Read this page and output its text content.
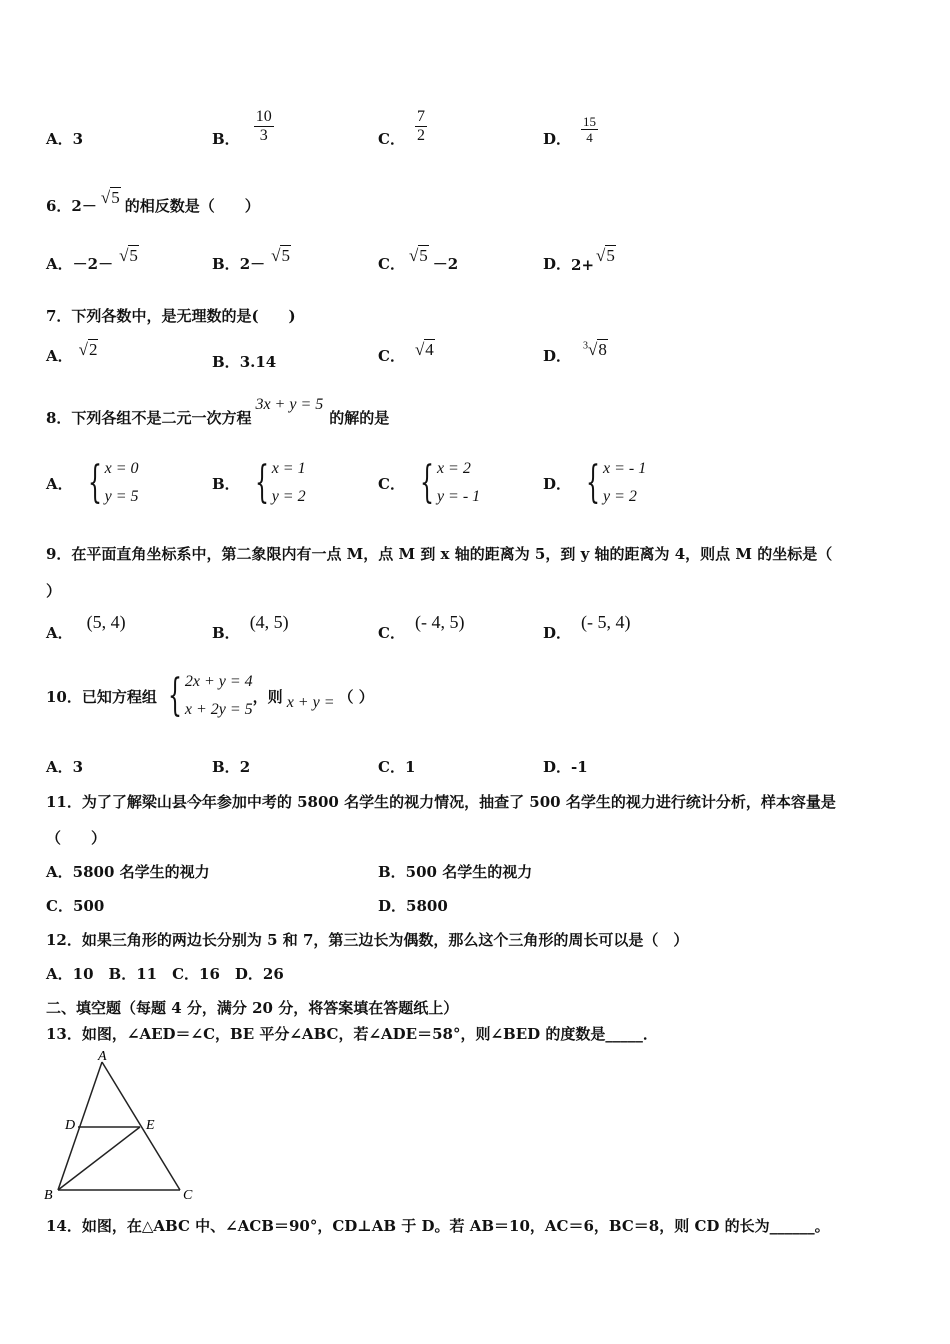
A．3	B． $\frac{10}{3}$	C． $\frac{7}{2}$	D． $\frac{15}{4}$
6．2－ √5 的相反数是（　　）
A． －2－ √5	B． 2－ √5	C． √5 －2	D． 2+ √5
7．下列各数中，是无理数的是(　　)
A． √2
B．3.14	C． √4	D．
$^3$√8
8．下列各组不是二元一次方程
3x + y = 5
的解的是
A． { x = 0
y = 5
B． { x = 1
y = 2
C． { x = 2
y = - 1
D． { x = - 1
y = 2
9．在平面直角坐标系中，第二象限内有一点 M，点 M 到 x 轴的距离为 5，到 y 轴的距离为 4，则点 M 的坐标是（
）
A．
(5, 4)
B．
(4, 5)
C．
(- 4, 5)
D．
(- 5, 4)
10．已知方程组 { 2x + y = 4
x + 2y = 5
，则 x + y = （ ）
A．3	B．2	C．1	D．-1
11．为了了解梁山县今年参加中考的 5800 名学生的视力情况，抽查了 500 名学生的视力进行统计分析，样本容量是
（　　）
A．5800 名学生的视力	B．500 名学生的视力
C．500	D．5800
12．如果三角形的两边长分别为 5 和 7，第三边长为偶数，那么这个三角形的周长可以是（　）
A．10　B．11　C．16　D．26
二、填空题（每题 4 分，满分 20 分，将答案填在答题纸上）
13．如图，∠AED＝∠C，BE 平分∠ABC，若∠ADE＝58°，则∠BED 的度数是_____．
A
B	C
D	E
14．如图，在△ABC 中、∠ACB＝90°，CD⊥AB 于 D。若 AB＝10，AC＝6，BC＝8，则 CD 的长为______。
